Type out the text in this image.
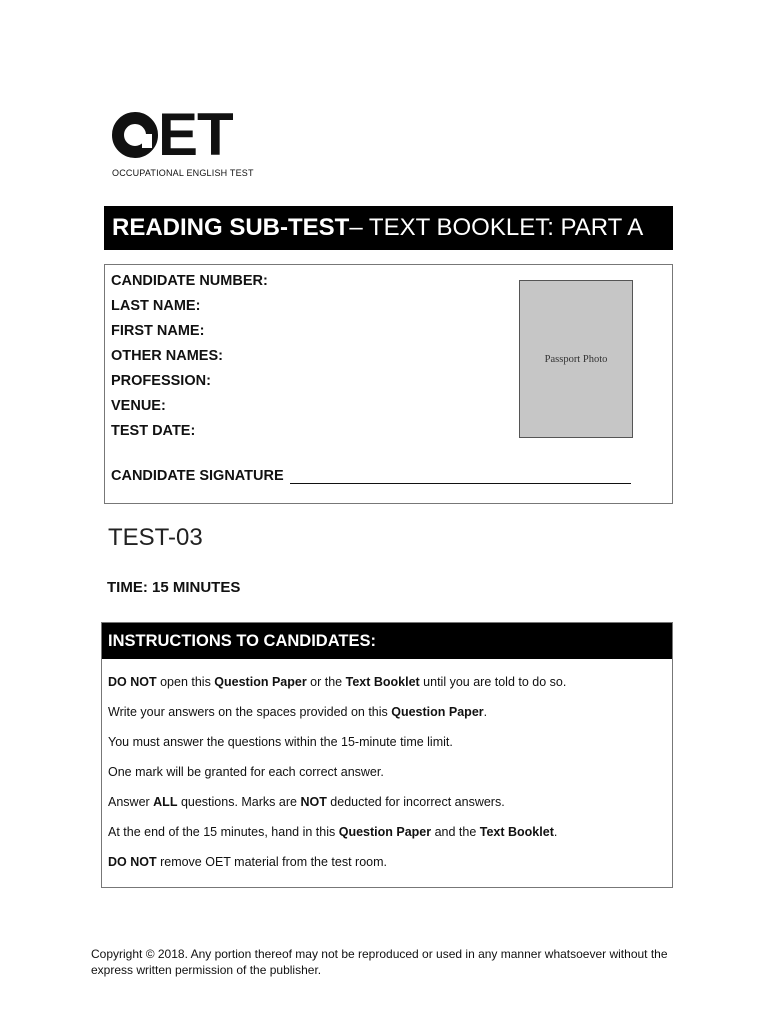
ET
OCCUPATIONAL ENGLISH TEST
READING SUB-TEST – TEXT BOOKLET: PART A
CANDIDATE NUMBER:
LAST NAME:
FIRST NAME:
OTHER NAMES:
PROFESSION:
VENUE:
TEST DATE:
Passport Photo
CANDIDATE SIGNATURE
TEST-03
TIME: 15 MINUTES
INSTRUCTIONS TO CANDIDATES:
DO NOT open this Question Paper or the Text Booklet until you are told to do so.
Write your answers on the spaces provided on this Question Paper.
You must answer the questions within the 15-minute time limit.
One mark will be granted for each correct answer.
Answer ALL questions. Marks are NOT deducted for incorrect answers.
At the end of the 15 minutes, hand in this Question Paper and the Text Booklet.
DO NOT remove OET material from the test room.
Copyright © 2018. Any portion thereof may not be reproduced or used in any manner whatsoever without the express written permission of the publisher.
